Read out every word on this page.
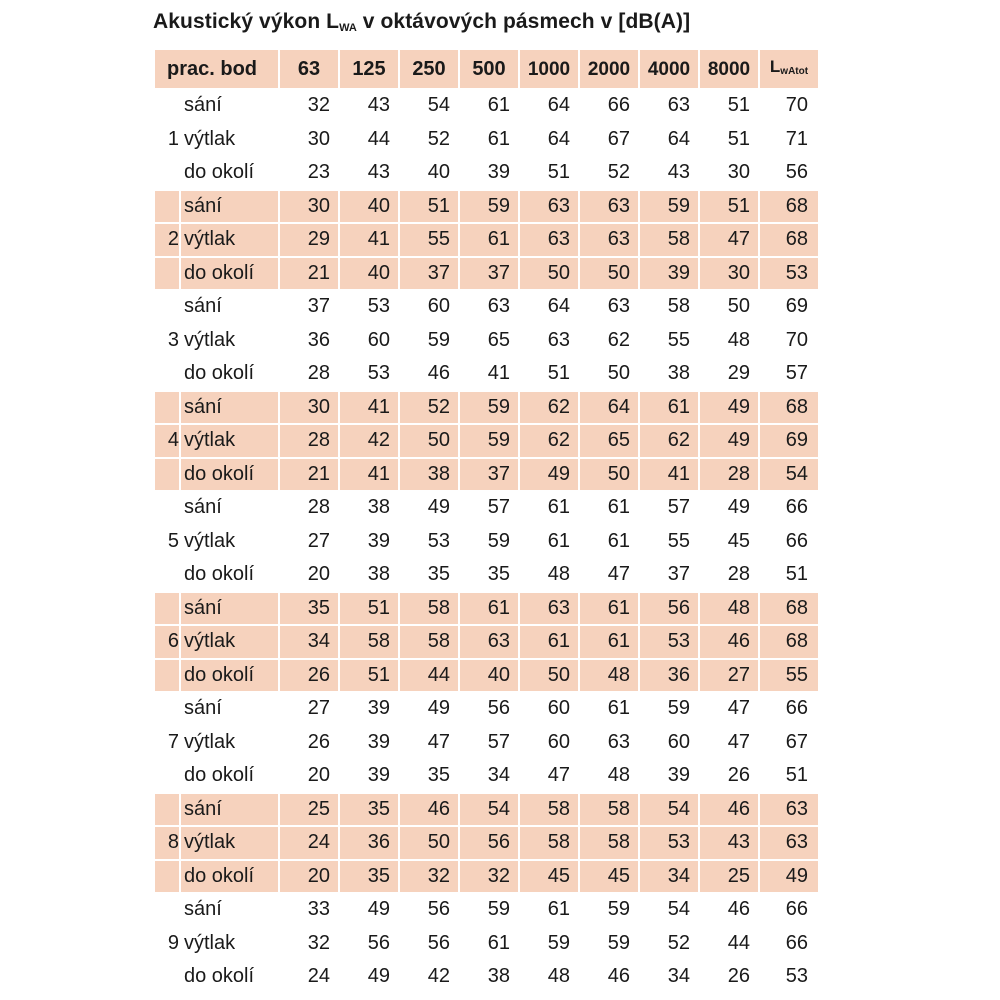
Akustický výkon $L_{WA}$ v oktávových pásmech v [dB(A)]
prac. bod		63	125	250	500	1000	2000	4000	8000	$L_{wAtot}$
	sání	32	43	54	61	64	66	63	51	70
1	výtlak	30	44	52	61	64	67	64	51	71
	do okolí	23	43	40	39	51	52	43	30	56
	sání	30	40	51	59	63	63	59	51	68
2	výtlak	29	41	55	61	63	63	58	47	68
	do okolí	21	40	37	37	50	50	39	30	53
	sání	37	53	60	63	64	63	58	50	69
3	výtlak	36	60	59	65	63	62	55	48	70
	do okolí	28	53	46	41	51	50	38	29	57
	sání	30	41	52	59	62	64	61	49	68
4	výtlak	28	42	50	59	62	65	62	49	69
	do okolí	21	41	38	37	49	50	41	28	54
	sání	28	38	49	57	61	61	57	49	66
5	výtlak	27	39	53	59	61	61	55	45	66
	do okolí	20	38	35	35	48	47	37	28	51
	sání	35	51	58	61	63	61	56	48	68
6	výtlak	34	58	58	63	61	61	53	46	68
	do okolí	26	51	44	40	50	48	36	27	55
	sání	27	39	49	56	60	61	59	47	66
7	výtlak	26	39	47	57	60	63	60	47	67
	do okolí	20	39	35	34	47	48	39	26	51
	sání	25	35	46	54	58	58	54	46	63
8	výtlak	24	36	50	56	58	58	53	43	63
	do okolí	20	35	32	32	45	45	34	25	49
	sání	33	49	56	59	61	59	54	46	66
9	výtlak	32	56	56	61	59	59	52	44	66
	do okolí	24	49	42	38	48	46	34	26	53
